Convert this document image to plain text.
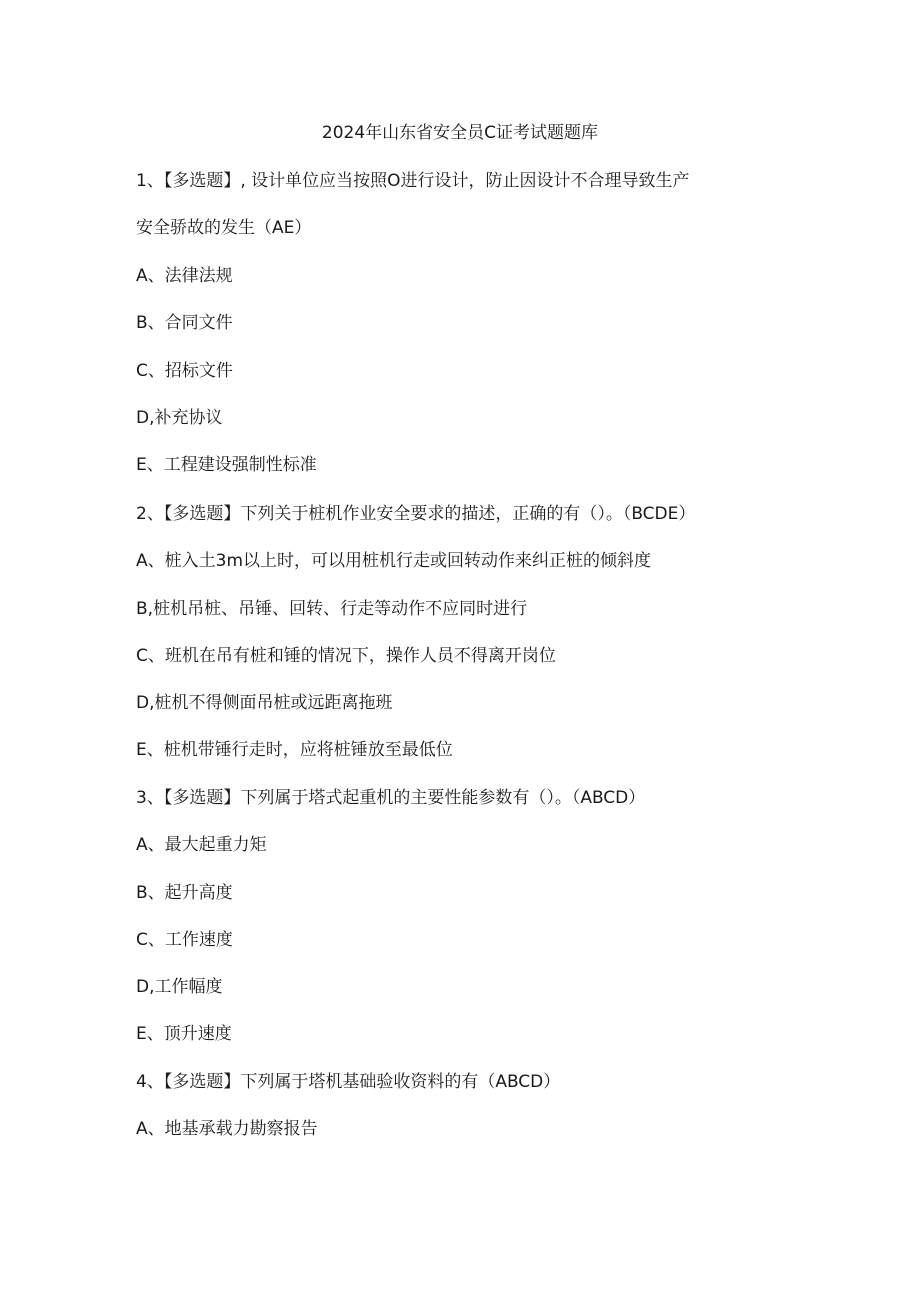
2024年山东省安全员C证考试题题库
1、【多选题】, 设计单位应当按照O进行设计，防止因设计不合理导致生产
安全骄故的发生（AE）
A、法律法规
B、合同文件
C、招标文件
D,补充协议
E、工程建设强制性标准
2、【多选题】下列关于桩机作业安全要求的描述，正确的有（）。（BCDE）
A、桩入土3m以上时，可以用桩机行走或回转动作来纠正桩的倾斜度
B,桩机吊桩、吊锤、回转、行走等动作不应同时进行
C、班机在吊有桩和锤的情况下，操作人员不得离开岗位
D,桩机不得侧面吊桩或远距离拖班
E、桩机带锤行走时，应将桩锤放至最低位
3、【多选题】下列属于塔式起重机的主要性能参数有（）。（ABCD）
A、最大起重力矩
B、起升高度
C、工作速度
D,工作幅度
E、顶升速度
4、【多选题】下列属于塔机基础验收资料的有（ABCD）
A、地基承载力勘察报告
